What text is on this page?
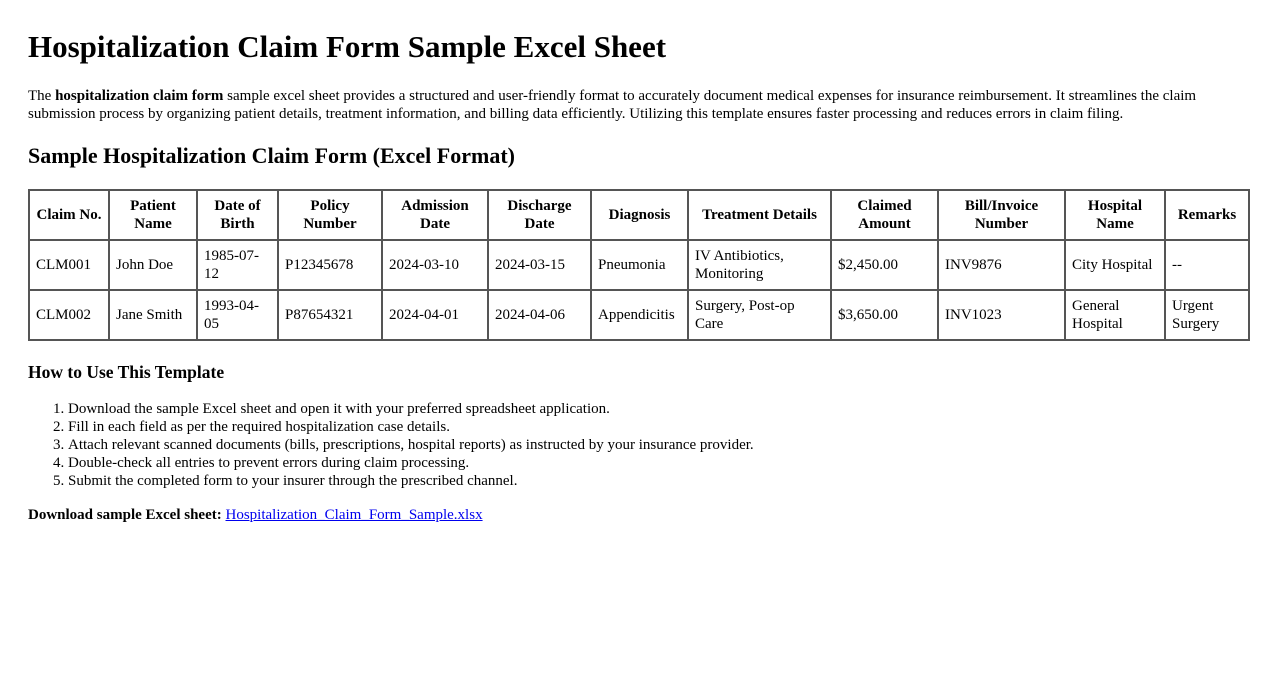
Hospitalization Claim Form Sample Excel Sheet

The hospitalization claim form sample excel sheet provides a structured and user-friendly format to accurately document medical expenses for insurance reimbursement. It streamlines the claim submission process by organizing patient details, treatment information, and billing data efficiently. Utilizing this template ensures faster processing and reduces errors in claim filing.

Sample Hospitalization Claim Form (Excel Format)
Claim No.	Patient Name	Date of Birth	Policy Number	Admission Date	Discharge Date	Diagnosis	Treatment Details	Claimed Amount	Bill/Invoice Number	Hospital Name	Remarks
CLM001	John Doe	1985-07-12	P12345678	2024-03-10	2024-03-15	Pneumonia	IV Antibiotics, Monitoring	$2,450.00	INV9876	City Hospital	--
CLM002	Jane Smith	1993-04-05	P87654321	2024-04-01	2024-04-06	Appendicitis	Surgery, Post-op Care	$3,650.00	INV1023	General Hospital	Urgent Surgery
How to Use This Template
1. Download the sample Excel sheet and open it with your preferred spreadsheet application.
2. Fill in each field as per the required hospitalization case details.
3. Attach relevant scanned documents (bills, prescriptions, hospital reports) as instructed by your insurance provider.
4. Double-check all entries to prevent errors during claim processing.
5. Submit the completed form to your insurer through the prescribed channel.

Download sample Excel sheet: Hospitalization_Claim_Form_Sample.xlsx
